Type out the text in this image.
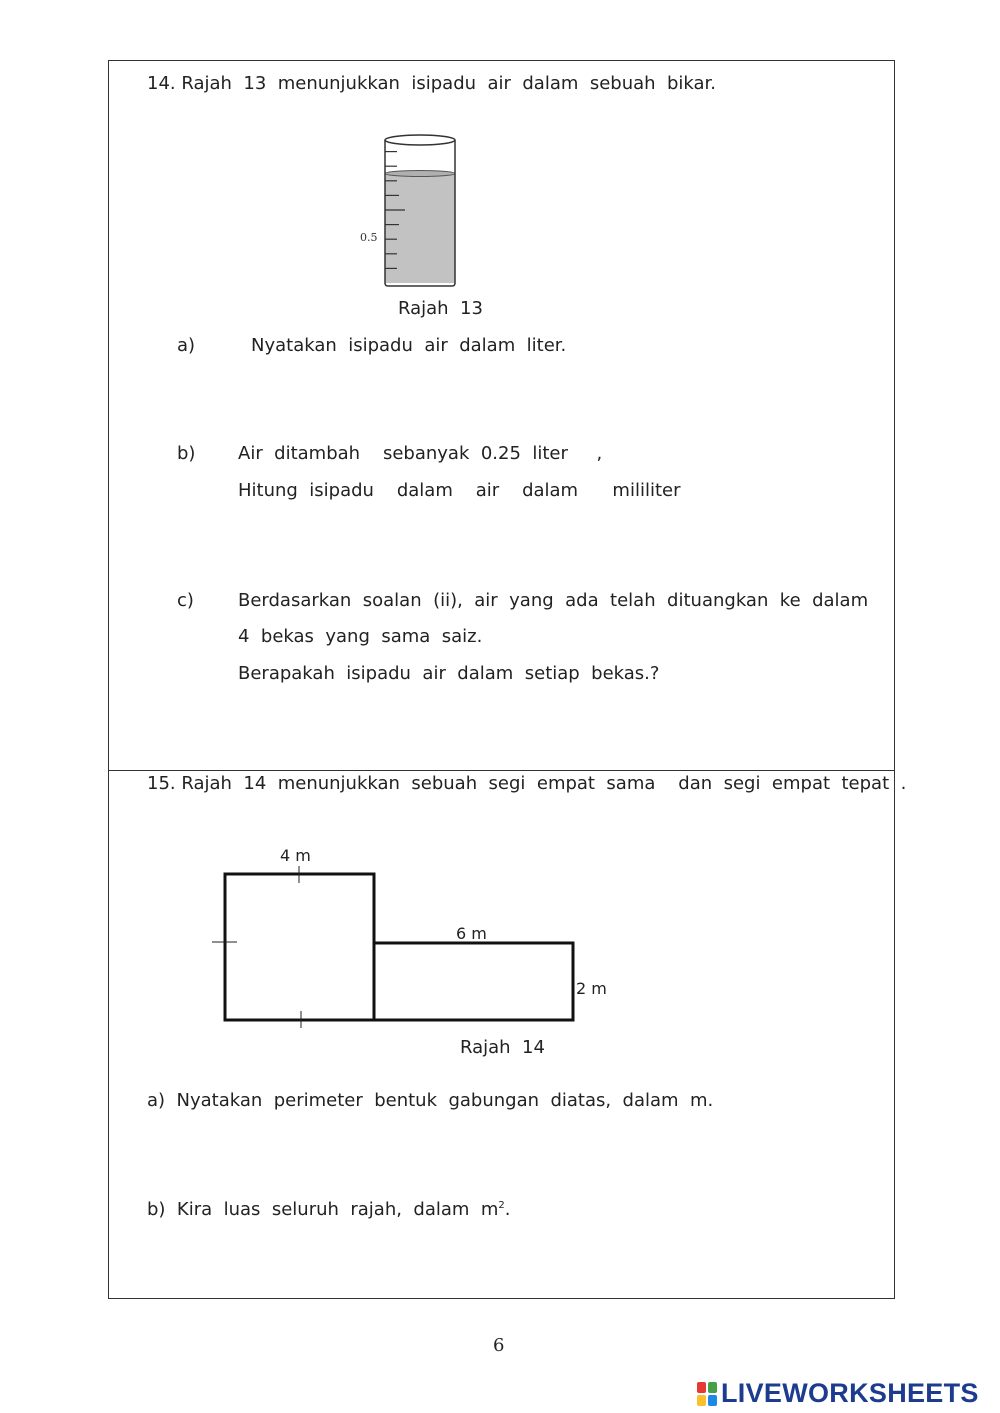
14. Rajah  13  menunjukkan  isipadu  air  dalam  sebuah  bikar.
0.5
Rajah  13
a)	Nyatakan  isipadu  air  dalam  liter.
b) Air  ditambah    sebanyak  0.25  liter     ,
Hitung  isipadu    dalam    air    dalam      mililiter
c) Berdasarkan  soalan  (ii),  air  yang  ada  telah  dituangkan  ke  dalam
4  bekas  yang  sama  saiz.
Berapakah  isipadu  air  dalam  setiap  bekas.?
15. Rajah  14  menunjukkan  sebuah  segi  empat  sama    dan  segi  empat  tepat  .
4 m
6 m
2 m
Rajah  14
a)  Nyatakan  perimeter  bentuk  gabungan  diatas,  dalam  m.
b)  Kira  luas  seluruh  rajah,  dalam  $m^2$.
6
LIVEWORKSHEETS
